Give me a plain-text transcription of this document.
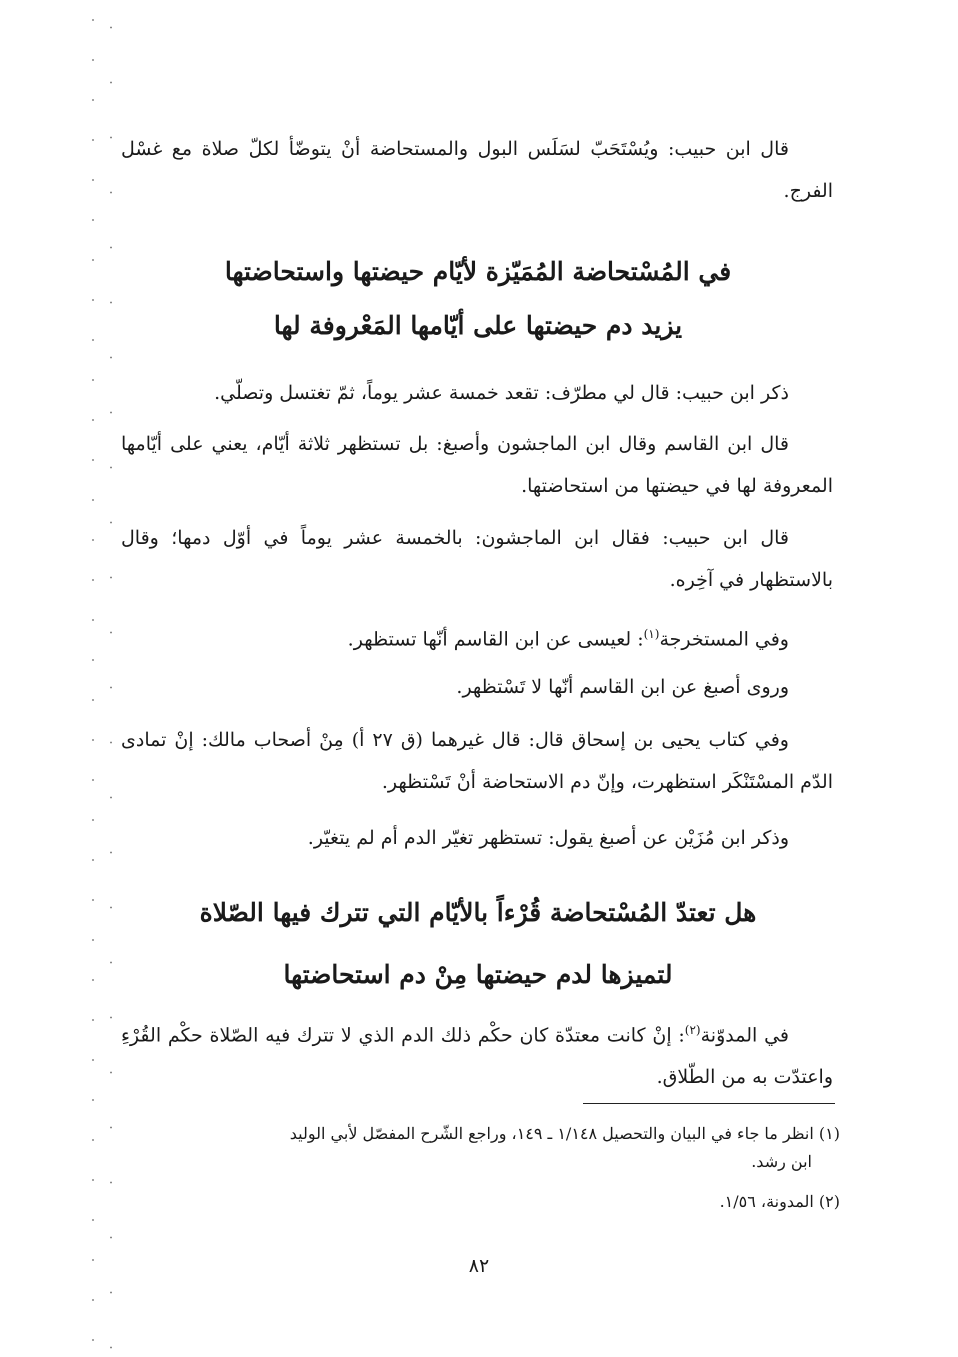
قال ابن حبيب: ويُسْتَحَبّ لسَلَس البول والمستحاضة أنْ يتوضّأ لكلّ صلاة مع غسْل الفرج.

في المُسْتحاضة المُمَيّزة لأيّام حيضتها واستحاضتها
يزيد دم حيضتها على أيّامها المَعْروفة لها

ذكر ابن حبيب: قال لي مطرّف: تقعد خمسة عشر يوماً، ثمّ تغتسل وتصلّي.

قال ابن القاسم وقال ابن الماجشون وأصبغ: بل تستظهر ثلاثة أيّام، يعني على أيّامها المعروفة لها في حيضتها من استحاضتها.

قال ابن حبيب: فقال ابن الماجشون: بالخمسة عشر يوماً في أوّل دمها؛ وقال بالاستظهار في آخِره.

وفي المستخرجة$^{(١)}$: لعيسى عن ابن القاسم أنّها تستظهر.

وروى أصبغ عن ابن القاسم أنّها لا تَسْتظهر.

وفي كتاب يحيى بن إسحاق قال: قال غيرهما (ق ٢٧ أ) مِنْ أصحاب مالك: إنْ تمادى الدّم المسْتَنْكَر استظهرت، وإنّ دم الاستحاضة أنْ تَسْتظهر.

وذكر ابن مُزَيْن عن أصبغ يقول: تستظهر تغيّر الدم أم لم يتغيّر.

هل تعتدّ المُسْتحاضة قُرْءاً بالأيّام التي تترك فيها الصّلاة
لتميزها لدم حيضتها مِنْ دم استحاضتها

في المدوّنة$^{(٢)}$: إنْ كانت معتدّة كان حكْم ذلك الدم الذي لا تترك فيه الصّلاة حكْم القُرْءِ واعتدّت به من الطّلاق.

(١) انظر ما جاء في البيان والتحصيل ١/١٤٨ ـ ١٤٩، وراجع الشّرح المفصّل لأبي الوليد
ابن رشد.
(٢) المدونة، ١/٥٦.
٨٢
